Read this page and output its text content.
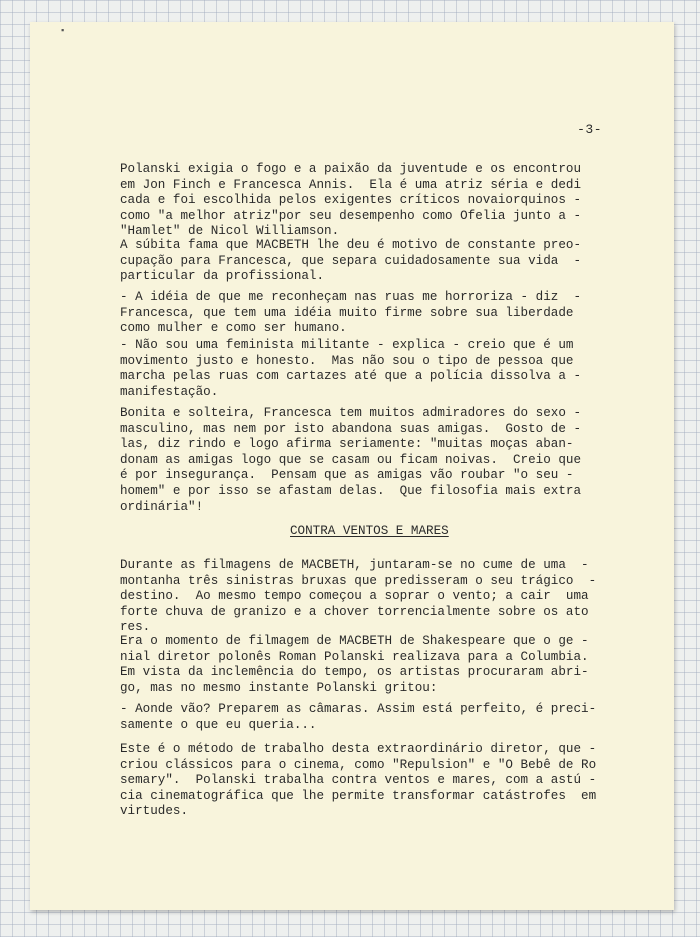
▪
-3-
Polanski exigia o fogo e a paixão da juventude e os encontrou
em Jon Finch e Francesca Annis.  Ela é uma atriz séria e dedi
cada e foi escolhida pelos exigentes críticos novaiorquinos -
como "a melhor atriz"por seu desempenho como Ofelia junto a -
"Hamlet" de Nicol Williamson.
A súbita fama que MACBETH lhe deu é motivo de constante preo-
cupação para Francesca, que separa cuidadosamente sua vida  -
particular da profissional.
- A idéia de que me reconheçam nas ruas me horroriza - diz  -
Francesca, que tem uma idéia muito firme sobre sua liberdade
como mulher e como ser humano.
- Não sou uma feminista militante - explica - creio que é um
movimento justo e honesto.  Mas não sou o tipo de pessoa que
marcha pelas ruas com cartazes até que a polícia dissolva a -
manifestação.
Bonita e solteira, Francesca tem muitos admiradores do sexo -
masculino, mas nem por isto abandona suas amigas.  Gosto de -
las, diz rindo e logo afirma seriamente: "muitas moças aban-
donam as amigas logo que se casam ou ficam noivas.  Creio que
é por insegurança.  Pensam que as amigas vão roubar "o seu -
homem" e por isso se afastam delas.  Que filosofia mais extra
ordinária"!
CONTRA VENTOS E MARES
Durante as filmagens de MACBETH, juntaram-se no cume de uma  -
montanha três sinistras bruxas que predisseram o seu trágico  -
destino.  Ao mesmo tempo começou a soprar o vento; a cair  uma
forte chuva de granizo e a chover torrencialmente sobre os ato
res.
Era o momento de filmagem de MACBETH de Shakespeare que o ge -
nial diretor polonês Roman Polanski realizava para a Columbia.
Em vista da inclemência do tempo, os artistas procuraram abri-
go, mas no mesmo instante Polanski gritou:
- Aonde vão? Preparem as câmaras. Assim está perfeito, é preci-
samente o que eu queria...
Este é o método de trabalho desta extraordinário diretor, que -
criou clássicos para o cinema, como "Repulsion" e "O Bebê de Ro
semary".  Polanski trabalha contra ventos e mares, com a astú -
cia cinematográfica que lhe permite transformar catástrofes  em
virtudes.
